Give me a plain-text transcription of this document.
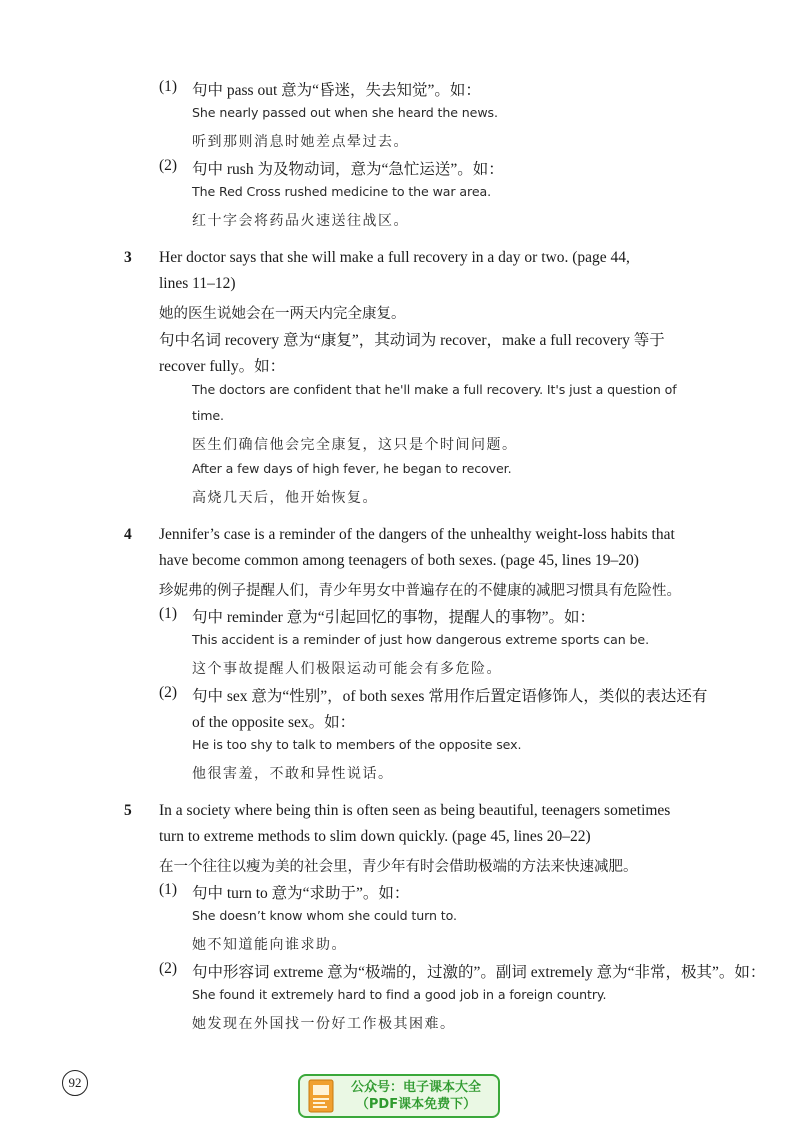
(1) 句中 pass out 意为“昏迷，失去知觉”。如：
She nearly passed out when she heard the news.
听到那则消息时她差点晕过去。
(2) 句中 rush 为及物动词，意为“急忙运送”。如：
The Red Cross rushed medicine to the war area.
红十字会将药品火速送往战区。
3 Her doctor says that she will make a full recovery in a day or two. (page 44,
lines 11–12)
她的医生说她会在一两天内完全康复。
句中名词 recovery 意为“康复”，其动词为 recover，make a full recovery 等于
recover fully。如：
The doctors are confident that he'll make a full recovery. It's just a question of
time.
医生们确信他会完全康复，这只是个时间问题。
After a few days of high fever, he began to recover.
高烧几天后，他开始恢复。
4 Jennifer’s case is a reminder of the dangers of the unhealthy weight-loss habits that
have become common among teenagers of both sexes. (page 45, lines 19–20)
珍妮弗的例子提醒人们，青少年男女中普遍存在的不健康的减肥习惯具有危险性。
(1) 句中 reminder 意为“引起回忆的事物，提醒人的事物”。如：
This accident is a reminder of just how dangerous extreme sports can be.
这个事故提醒人们极限运动可能会有多危险。
(2) 句中 sex 意为“性别”，of both sexes 常用作后置定语修饰人，类似的表达还有
of the opposite sex。如：
He is too shy to talk to members of the opposite sex.
他很害羞，不敢和异性说话。
5 In a society where being thin is often seen as being beautiful, teenagers sometimes
turn to extreme methods to slim down quickly. (page 45, lines 20–22)
在一个往往以瘦为美的社会里，青少年有时会借助极端的方法来快速减肥。
(1) 句中 turn to 意为“求助于”。如：
She doesn’t know whom she could turn to.
她不知道能向谁求助。
(2) 句中形容词 extreme 意为“极端的，过激的”。副词 extremely 意为“非常，极其”。如：
She found it extremely hard to find a good job in a foreign country.
她发现在外国找一份好工作极其困难。
92	公众号：电子课本大全
（PDF课本免费下）
